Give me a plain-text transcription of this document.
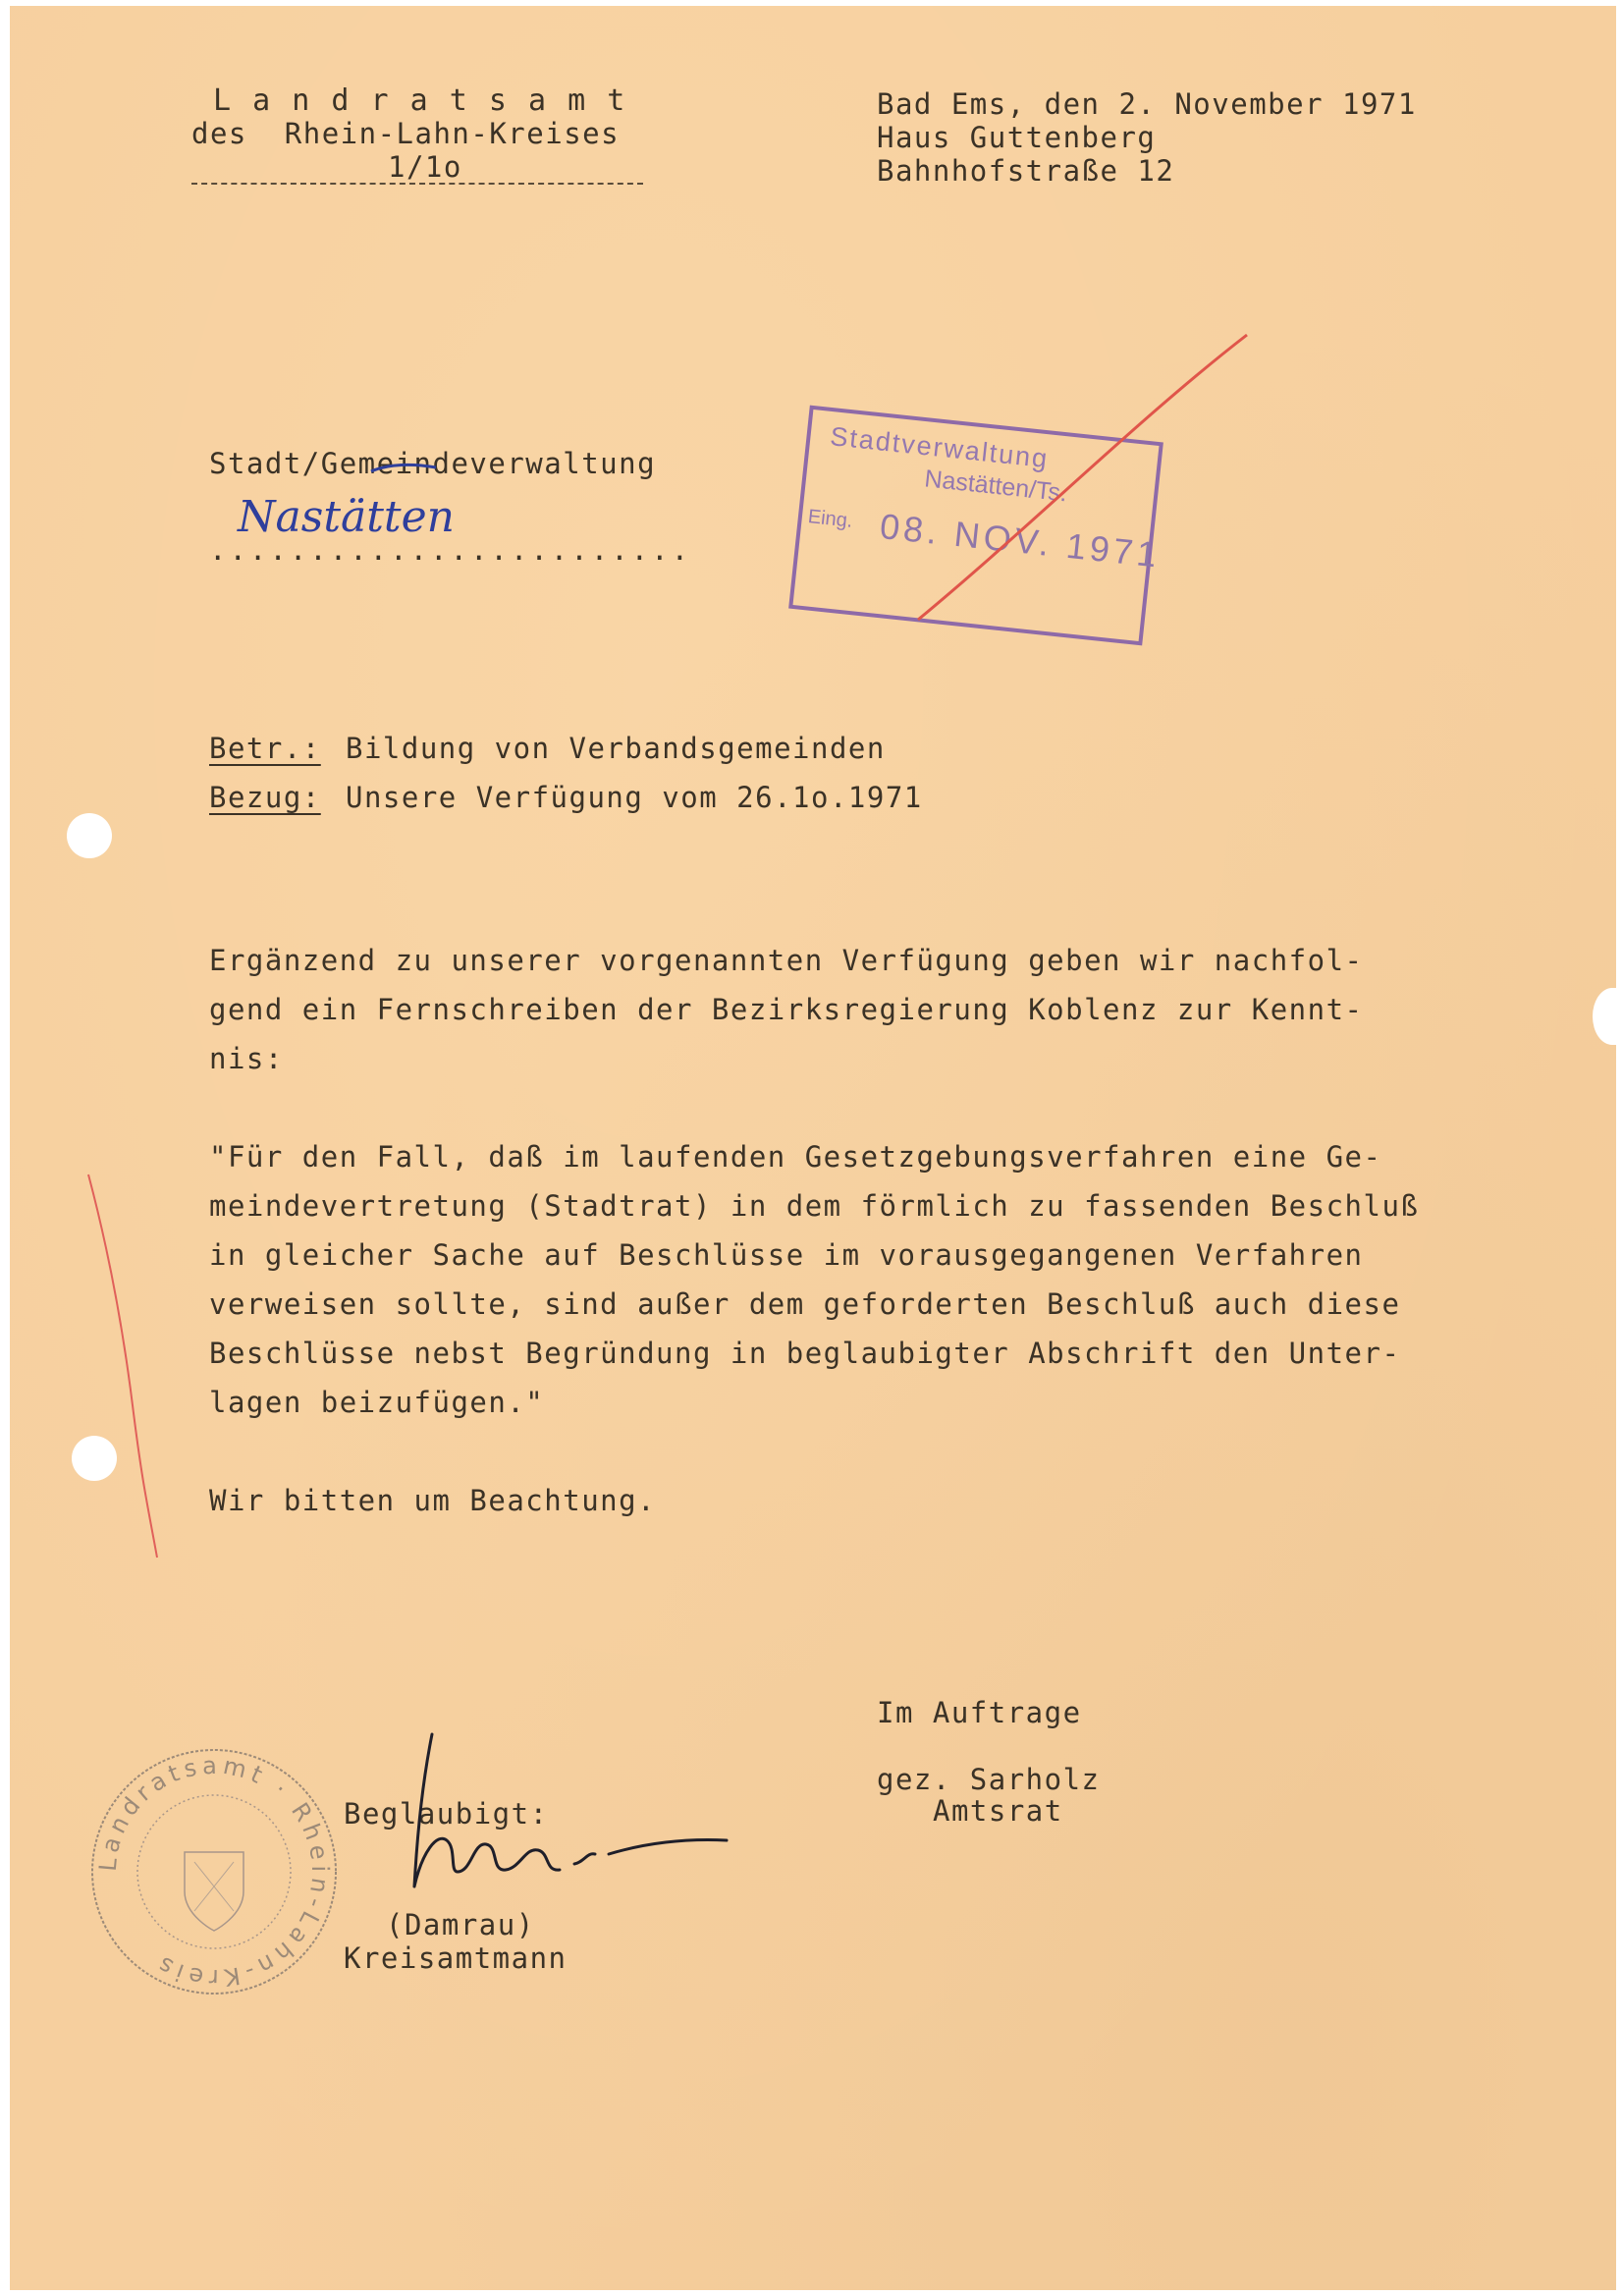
L a n d r a t s a m t
des  Rhein-Lahn-Kreises
1/1o
Bad Ems, den 2. November 1971
Haus Guttenberg
Bahnhofstraße 12
Stadt/Gemeindeverwaltung
Nastätten
........................
Stadtverwaltung
Nastätten/Ts.
Eing. 08. NOV. 1971
Betr.: Bildung von Verbandsgemeinden
Bezug: Unsere Verfügung vom 26.1o.1971
Ergänzend zu unserer vorgenannten Verfügung geben wir nachfol-
gend ein Fernschreiben der Bezirksregierung Koblenz zur Kennt-
nis:
"Für den Fall, daß im laufenden Gesetzgebungsverfahren eine Ge-
meindevertretung (Stadtrat) in dem förmlich zu fassenden Beschluß
in gleicher Sache auf Beschlüsse im vorausgegangenen Verfahren
verweisen sollte, sind außer dem geforderten Beschluß auch diese
Beschlüsse nebst Begründung in beglaubigter Abschrift den Unter-
lagen beizufügen."
Wir bitten um Beachtung.
Im Auftrage
gez. Sarholz
Amtsrat
Beglaubigt:
(Damrau)
Kreisamtmann
Landratsamt · Rhein-Lahn-Kreis
